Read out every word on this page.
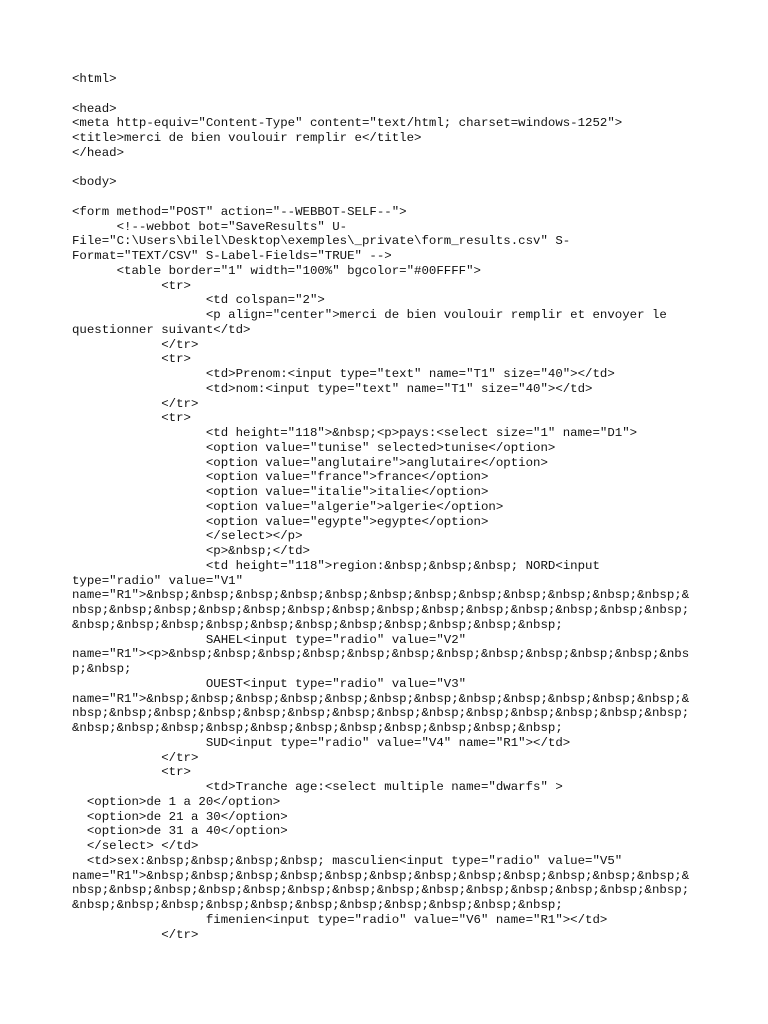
<html>
<head>
<meta http-equiv="Content-Type" content="text/html; charset=windows-1252">
<title>merci de bien voulouir remplir e</title>
</head>
<body>
<form method="POST" action="--WEBBOT-SELF--">
<!--webbot bot="SaveResults" U-
File="C:\Users\bilel\Desktop\exemples\_private\form_results.csv" S-
Format="TEXT/CSV" S-Label-Fields="TRUE" -->
<table border="1" width="100%" bgcolor="#00FFFF">
<tr>
<td colspan="2">
<p align="center">merci de bien voulouir remplir et envoyer le
questionner suivant</td>
</tr>
<tr>
<td>Prenom:<input type="text" name="T1" size="40"></td>
<td>nom:<input type="text" name="T1" size="40"></td>
</tr>
<tr>
<td height="118">&nbsp;<p>pays:<select size="1" name="D1">
<option value="tunise" selected>tunise</option>
<option value="anglutaire">anglutaire</option>
<option value="france">france</option>
<option value="italie">italie</option>
<option value="algerie">algerie</option>
<option value="egypte">egypte</option>
</select></p>
<p>&nbsp;</td>
<td height="118">region:&nbsp;&nbsp;&nbsp; NORD<input
type="radio" value="V1"
name="R1">&nbsp;&nbsp;&nbsp;&nbsp;&nbsp;&nbsp;&nbsp;&nbsp;&nbsp;&nbsp;&nbsp;&nbsp;&
nbsp;&nbsp;&nbsp;&nbsp;&nbsp;&nbsp;&nbsp;&nbsp;&nbsp;&nbsp;&nbsp;&nbsp;&nbsp;&nbsp;
&nbsp;&nbsp;&nbsp;&nbsp;&nbsp;&nbsp;&nbsp;&nbsp;&nbsp;&nbsp;&nbsp;
SAHEL<input type="radio" value="V2"
name="R1"><p>&nbsp;&nbsp;&nbsp;&nbsp;&nbsp;&nbsp;&nbsp;&nbsp;&nbsp;&nbsp;&nbsp;&nbs
p;&nbsp;
OUEST<input type="radio" value="V3"
name="R1">&nbsp;&nbsp;&nbsp;&nbsp;&nbsp;&nbsp;&nbsp;&nbsp;&nbsp;&nbsp;&nbsp;&nbsp;&
nbsp;&nbsp;&nbsp;&nbsp;&nbsp;&nbsp;&nbsp;&nbsp;&nbsp;&nbsp;&nbsp;&nbsp;&nbsp;&nbsp;
&nbsp;&nbsp;&nbsp;&nbsp;&nbsp;&nbsp;&nbsp;&nbsp;&nbsp;&nbsp;&nbsp;
SUD<input type="radio" value="V4" name="R1"></td>
</tr>
<tr>
<td>Tranche age:<select multiple name="dwarfs" >
<option>de 1 a 20</option>
<option>de 21 a 30</option>
<option>de 31 a 40</option>
</select> </td>
<td>sex:&nbsp;&nbsp;&nbsp;&nbsp; masculien<input type="radio" value="V5"
name="R1">&nbsp;&nbsp;&nbsp;&nbsp;&nbsp;&nbsp;&nbsp;&nbsp;&nbsp;&nbsp;&nbsp;&nbsp;&
nbsp;&nbsp;&nbsp;&nbsp;&nbsp;&nbsp;&nbsp;&nbsp;&nbsp;&nbsp;&nbsp;&nbsp;&nbsp;&nbsp;
&nbsp;&nbsp;&nbsp;&nbsp;&nbsp;&nbsp;&nbsp;&nbsp;&nbsp;&nbsp;&nbsp;
fimenien<input type="radio" value="V6" name="R1"></td>
</tr>
